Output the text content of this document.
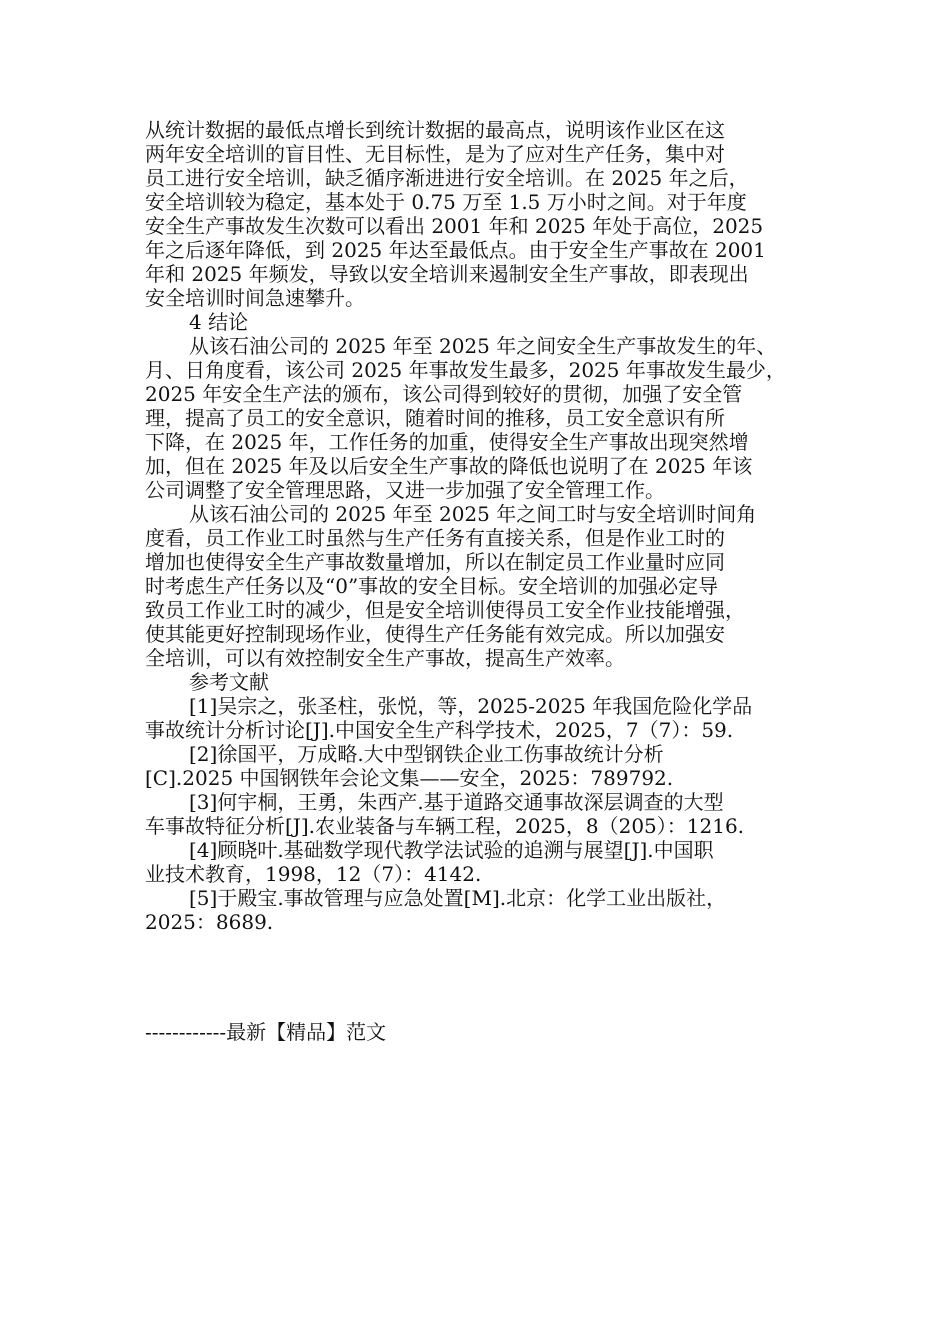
从统计数据的最低点增长到统计数据的最高点，说明该作业区在这
两年安全培训的盲目性、无目标性，是为了应对生产任务，集中对
员工进行安全培训，缺乏循序渐进进行安全培训。在 2025 年之后，
安全培训较为稳定，基本处于 0.75 万至 1.5 万小时之间。对于年度
安全生产事故发生次数可以看出 2001 年和 2025 年处于高位，2025
年之后逐年降低，到 2025 年达至最低点。由于安全生产事故在 2001
年和 2025 年频发，导致以安全培训来遏制安全生产事故，即表现出
安全培训时间急速攀升。
4 结论
从该石油公司的 2025 年至 2025 年之间安全生产事故发生的年、
月、日角度看，该公司 2025 年事故发生最多，2025 年事故发生最少，
2025 年安全生产法的颁布，该公司得到较好的贯彻，加强了安全管
理，提高了员工的安全意识，随着时间的推移，员工安全意识有所
下降，在 2025 年，工作任务的加重，使得安全生产事故出现突然增
加，但在 2025 年及以后安全生产事故的降低也说明了在 2025 年该
公司调整了安全管理思路，又进一步加强了安全管理工作。
从该石油公司的 2025 年至 2025 年之间工时与安全培训时间角
度看，员工作业工时虽然与生产任务有直接关系，但是作业工时的
增加也使得安全生产事故数量增加，所以在制定员工作业量时应同
时考虑生产任务以及“0”事故的安全目标。安全培训的加强必定导
致员工作业工时的减少，但是安全培训使得员工安全作业技能增强，
使其能更好控制现场作业，使得生产任务能有效完成。所以加强安
全培训，可以有效控制安全生产事故，提高生产效率。
参考文献
[1]吴宗之，张圣柱，张悦，等，2025-2025 年我国危险化学品
事故统计分析讨论[J].中国安全生产科学技术，2025，7（7）：59.
[2]徐国平，万成略.大中型钢铁企业工伤事故统计分析
[C].2025 中国钢铁年会论文集——安全，2025：789792.
[3]何宇桐，王勇，朱西产.基于道路交通事故深层调查的大型
车事故特征分析[J].农业装备与车辆工程，2025，8（205）：1216.
[4]顾晓叶.基础数学现代教学法试验的追溯与展望[J].中国职
业技术教育，1998，12（7）：4142.
[5]于殿宝.事故管理与应急处置[M].北京：化学工业出版社，
2025：8689.
------------最新【精品】范文
